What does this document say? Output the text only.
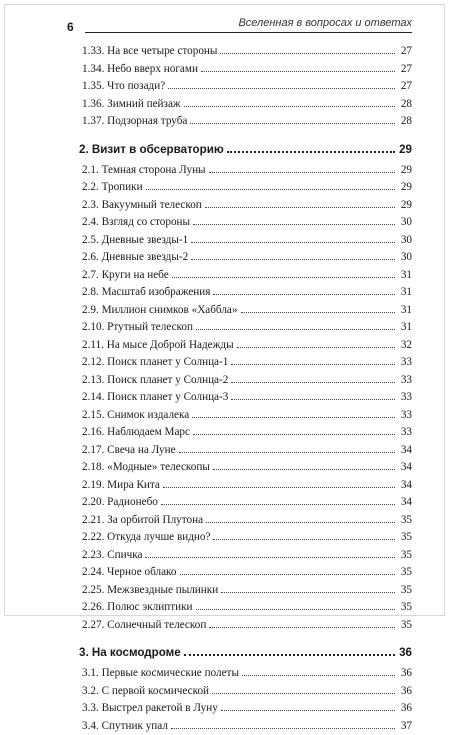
6	Вселенная в вопросах и ответах
1.33. На все четыре стороны	27
1.34. Небо вверх ногами	27
1.35. Что позади?	27
1.36. Зимний пейзаж	28
1.37. Подзорная труба	28
2. Визит в обсерваторию	29
2.1. Темная сторона Луны	29
2.2. Тропики	29
2.3. Вакуумный телескоп	29
2.4. Взгляд со стороны	30
2.5. Дневные звезды-1	30
2.6. Дневные звезды-2	30
2.7. Круги на небе	31
2.8. Масштаб изображения	31
2.9. Миллион снимков «Хаббла»	31
2.10. Ртутный телескоп	31
2.11. На мысе Доброй Надежды	32
2.12. Поиск планет у Солнца-1	33
2.13. Поиск планет у Солнца-2	33
2.14. Поиск планет у Солнца-3	33
2.15. Снимок издалека	33
2.16. Наблюдаем Марс	33
2.17. Свеча на Луне	34
2.18. «Модные» телескопы	34
2.19. Мира Кита	34
2.20. Радионебо	34
2.21. За орбитой Плутона	35
2.22. Откуда лучше видно?	35
2.23. Спичка	35
2.24. Черное облако	35
2.25. Межзвездные пылинки	35
2.26. Полюс эклиптики	35
2.27. Солнечный телескоп	35
3. На космодроме	36
3.1. Первые космические полеты	36
3.2. С первой космической	36
3.3. Выстрел ракетой в Луну	36
3.4. Спутник упал	37
